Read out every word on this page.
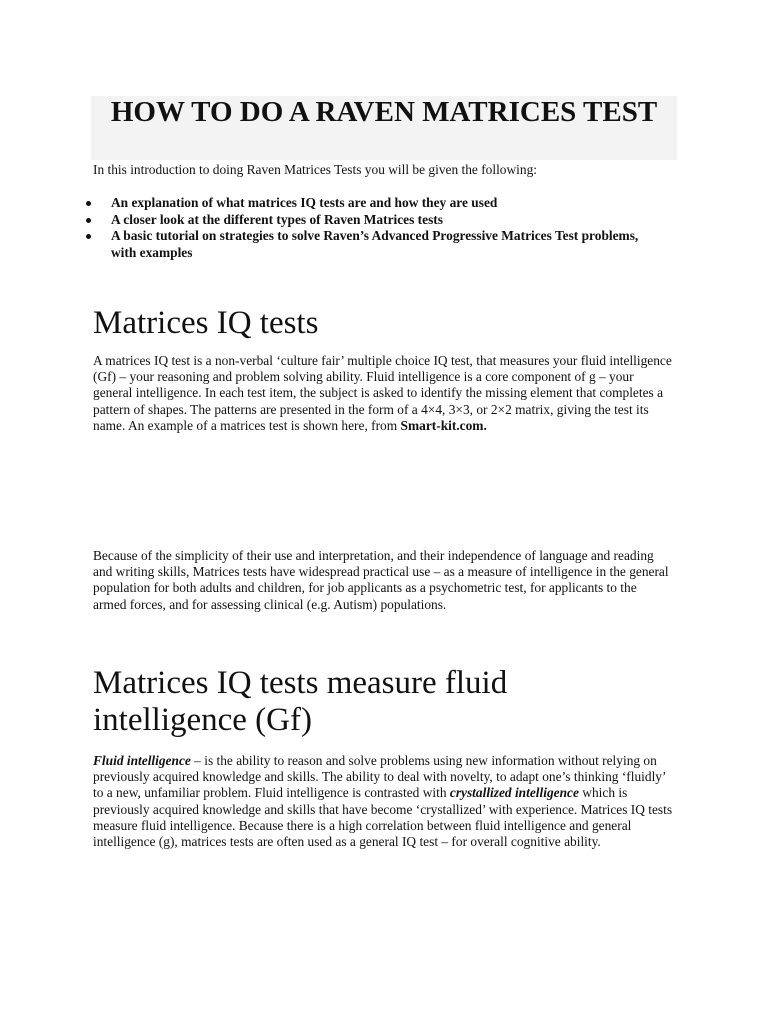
HOW TO DO A RAVEN MATRICES TEST

In this introduction to doing Raven Matrices Tests you will be given the following:

An explanation of what matrices IQ tests are and how they are used
A closer look at the different types of Raven Matrices tests
A basic tutorial on strategies to solve Raven’s Advanced Progressive Matrices Test problems, with examples
Matrices IQ tests

A matrices IQ test is a non-verbal ‘culture fair’ multiple choice IQ test, that measures your fluid intelligence (Gf) – your reasoning and problem solving ability. Fluid intelligence is a core component of g – your general intelligence. In each test item, the subject is asked to identify the missing element that completes a pattern of shapes. The patterns are presented in the form of a 4×4, 3×3, or 2×2 matrix, giving the test its name. An example of a matrices test is shown here, from Smart-kit.com.

Because of the simplicity of their use and interpretation, and their independence of language and reading and writing skills, Matrices tests have widespread practical use – as a measure of intelligence in the general population for both adults and children, for job applicants as a psychometric test, for applicants to the armed forces, and for assessing clinical (e.g. Autism) populations.

Matrices IQ tests measure fluid intelligence (Gf)

Fluid intelligence – is the ability to reason and solve problems using new information without relying on previously acquired knowledge and skills. The ability to deal with novelty, to adapt one’s thinking ‘fluidly’ to a new, unfamiliar problem. Fluid intelligence is contrasted with crystallized intelligence which is previously acquired knowledge and skills that have become ‘crystallized’ with experience. Matrices IQ tests measure fluid intelligence. Because there is a high correlation between fluid intelligence and general intelligence (g), matrices tests are often used as a general IQ test – for overall cognitive ability.
